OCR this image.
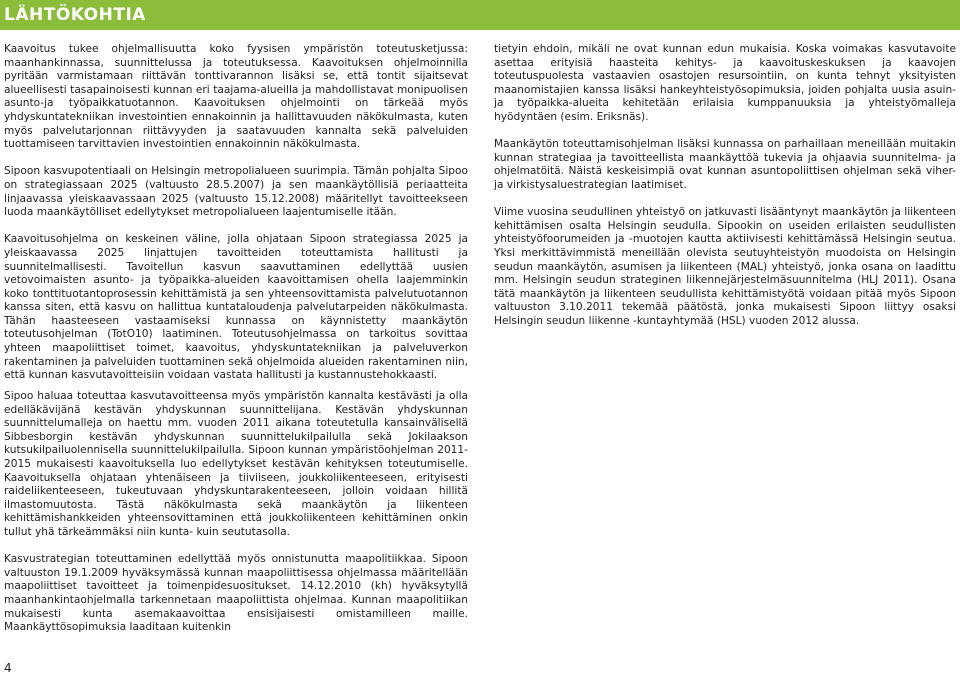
LÄHTÖKOHTIA

Kaavoitus tukee ohjelmallisuutta koko fyysisen ympäristön toteutusketjussa: maanhankinnassa, suunnittelussa ja toteutuksessa. Kaavoituksen ohjelmoinnilla pyritään varmistamaan riittävän tonttivarannon lisäksi se, että tontit sijaitsevat alueellisesti tasapainoisesti kunnan eri taajama-alueilla ja mahdollistavat monipuolisen asunto-ja työpaikkatuotannon. Kaavoituksen ohjelmointi on tärkeää myös yhdyskuntatekniikan investointien ennakoinnin ja hallittavuuden näkökulmasta, kuten myös palvelutarjonnan riittävyyden ja saatavuuden kannalta sekä palveluiden tuottamiseen tarvittavien investointien ennakoinnin näkökulmasta.

Sipoon kasvupotentiaali on Helsingin metropolialueen suurimpia. Tämän pohjalta Sipoo on strategiassaan 2025 (valtuusto 28.5.2007) ja sen maankäytöllisiä periaatteita linjaavassa yleiskaavassaan 2025 (valtuusto 15.12.2008) määritellyt tavoitteekseen luoda maankäytölliset edellytykset metropolialueen laajentumiselle itään.

Kaavoitusohjelma on keskeinen väline, jolla ohjataan Sipoon strategiassa 2025 ja yleiskaavassa 2025 linjattujen tavoitteiden toteuttamista hallitusti ja suunnitelmallisesti. Tavoitellun kasvun saavuttaminen edellyttää uusien vetovoimaisten asunto- ja työpaikka-alueiden kaavoittamisen ohella laajemminkin koko tonttituotantoprosessin kehittämistä ja sen yhteensovittamista palvelutuotannon kanssa siten, että kasvu on hallittua kuntataloudenja palvelutarpeiden näkökulmasta. Tähän haasteeseen vastaamiseksi kunnassa on käynnistetty maankäytön toteutusohjelman (TotO10) laatiminen. Toteutusohjelmassa on tarkoitus sovittaa yhteen maapoliittiset toimet, kaavoitus, yhdyskuntatekniikan ja palveluverkon rakentaminen ja palveluiden tuottaminen sekä ohjelmoida alueiden rakentaminen niin, että kunnan kasvutavoitteisiin voidaan vastata hallitusti ja kustannustehokkaasti.

tietyin ehdoin, mikäli ne ovat kunnan edun mukaisia. Koska voimakas kasvutavoite asettaa erityisiä haasteita kehitys- ja kaavoituskeskuksen ja kaavojen toteutuspuolesta vastaavien osastojen resursointiin, on kunta tehnyt yksityisten maanomistajien kanssa lisäksi hankeyhteistyösopimuksia, joiden pohjalta uusia asuin- ja työpaikka-alueita kehitetään erilaisia kumppanuuksia ja yhteistyömalleja hyödyntäen (esim. Eriksnäs).

Maankäytön toteuttamisohjelman lisäksi kunnassa on parhaillaan meneillään muitakin kunnan strategiaa ja tavoitteellista maankäyttöä tukevia ja ohjaavia suunnitelma- ja ohjelmatöitä. Näistä keskeisimpiä ovat kunnan asuntopoliittisen ohjelman sekä viher- ja virkistysaluestrategian laatimiset.

Viime vuosina seudullinen yhteistyö on jatkuvasti lisääntynyt maankäytön ja liikenteen kehittämisen osalta Helsingin seudulla. Sipookin on useiden erilaisten seudullisten yhteistyöfoorumeiden ja -muotojen kautta aktiivisesti kehittämässä Helsingin seutua. Yksi merkittävimmistä meneillään olevista seutuyhteistyön muodoista on Helsingin seudun maankäytön, asumisen ja liikenteen (MAL) yhteistyö, jonka osana on laadittu mm. Helsingin seudun strateginen liikennejärjestelmäsuunnitelma (HLJ 2011). Osana tätä maankäytön ja liikenteen seudullista kehittämistyötä voidaan pitää myös Sipoon valtuuston 3.10.2011 tekemää päätöstä, jonka mukaisesti Sipoon liittyy osaksi Helsingin seudun liikenne -kuntayhtymää (HSL) vuoden 2012 alussa.

Sipoo haluaa toteuttaa kasvutavoitteensa myös ympäristön kannalta kestävästi ja olla edelläkävijänä kestävän yhdyskunnan suunnittelijana. Kestävän yhdyskunnan suunnittelumalleja on haettu mm. vuoden 2011 aikana toteutetulla kansainvälisellä Sibbesborgin kestävän yhdyskunnan suunnittelukilpailulla sekä Jokilaakson kutsukilpailuolennisella suunnittelukilpailulla. Sipoon kunnan ympäristöohjelman 2011-2015 mukaisesti kaavoituksella luo edellytykset kestävän kehityksen toteutumiselle. Kaavoituksella ohjataan yhtenäiseen ja tiiviiseen, joukkoliikenteeseen, erityisesti raideliikenteeseen, tukeutuvaan yhdyskuntarakenteeseen, jolloin voidaan hillitä ilmastomuutosta. Tästä näkökulmasta sekä maankäytön ja liikenteen kehittämishankkeiden yhteensovittaminen että joukkoliikenteen kehittäminen onkin tullut yhä tärkeämmäksi niin kunta- kuin seututasolla.

Kasvustrategian toteuttaminen edellyttää myös onnistunutta maapolitiikkaa. Sipoon valtuuston 19.1.2009 hyväksymässä kunnan maapoliittisessa ohjelmassa määritellään maapoliittiset tavoitteet ja toimenpidesuositukset. 14.12.2010 (kh) hyväksytyllä maanhankintaohjelmalla tarkennetaan maapoliittista ohjelmaa. Kunnan maapolitiikan mukaisesti kunta asemakaavoittaa ensisijaisesti omistamilleen maille. Maankäyttösopimuksia laaditaan kuitenkin

4
